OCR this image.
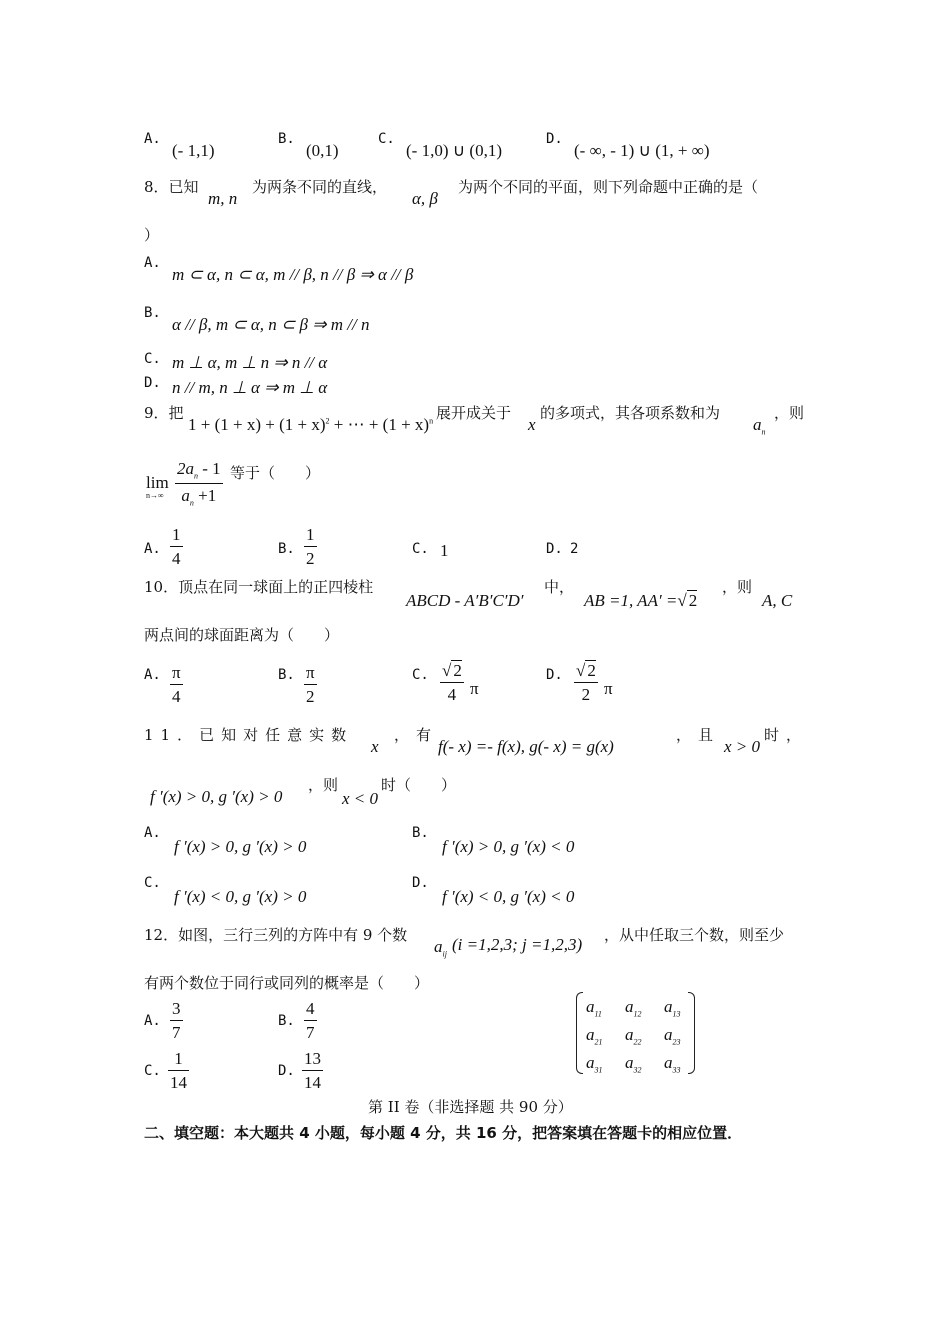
A.
(- 1,1)
B.
(0,1)
C.
(- 1,0) ∪ (0,1)
D.
(- ∞, - 1) ∪ (1, + ∞)
8．已知
m, n
为两条不同的直线，
α, β
为两个不同的平面，则下列命题中正确的是（
）
A.
m ⊂ α, n ⊂ α, m // β, n // β ⇒ α // β
B.
α // β, m ⊂ α, n ⊂ β ⇒ m // n
C. m ⊥ α, m ⊥ n ⇒ n // α
D. n // m, n ⊥ α ⇒ m ⊥ α
9．把
$1 + (1 + x) + (1 + x)^2$ + ⋯ + $(1 + x)^n$ 展开成关于
x
的多项式，其各项系数和为
$a_n$
，则
lim
n→∞
$2a_n - 1$
$a_n +1$
等于（　　）
A.
1
4	B.
1
2	C. 1	D. 2
10．顶点在同一球面上的正四棱柱
ABCD - A′B′C′D′
中，
AB =1, AA′ =√ 2
，则
A, C
两点间的球面距离为（　　）
A. π
4
B. π
2
C. √ 2
4 π
D. √ 2
2 π
11．已知对任意实数
x
，有
f(- x) =- f(x), g(- x) = g(x)
，且
x > 0
时，
f ′(x) > 0, g ′(x) > 0
，则
x < 0
时（　　）
A.
f ′(x) > 0, g ′(x) > 0
B.
f ′(x) > 0, g ′(x) < 0
C.
f ′(x) < 0, g ′(x) > 0
D.
f ′(x) < 0, g ′(x) < 0
12．如图，三行三列的方阵中有 9 个数
$a_{ij}$ (i =1,2,3; j =1,2,3) ，从中任取三个数，则至少
有两个数位于同行或同列的概率是（　　）
A.
3
7
B.
4
7
C.
1
14
D.
13
14
$a_{11}$ $a_{12}$ $a_{13}$
$a_{21}$ $a_{22}$ $a_{23}$
$a_{31}$ $a_{32}$ $a_{33}$
第 II 卷（非选择题 共 90 分）
二、填空题：本大题共 4 小题，每小题 4 分，共 16 分，把答案填在答题卡的相应位置．
